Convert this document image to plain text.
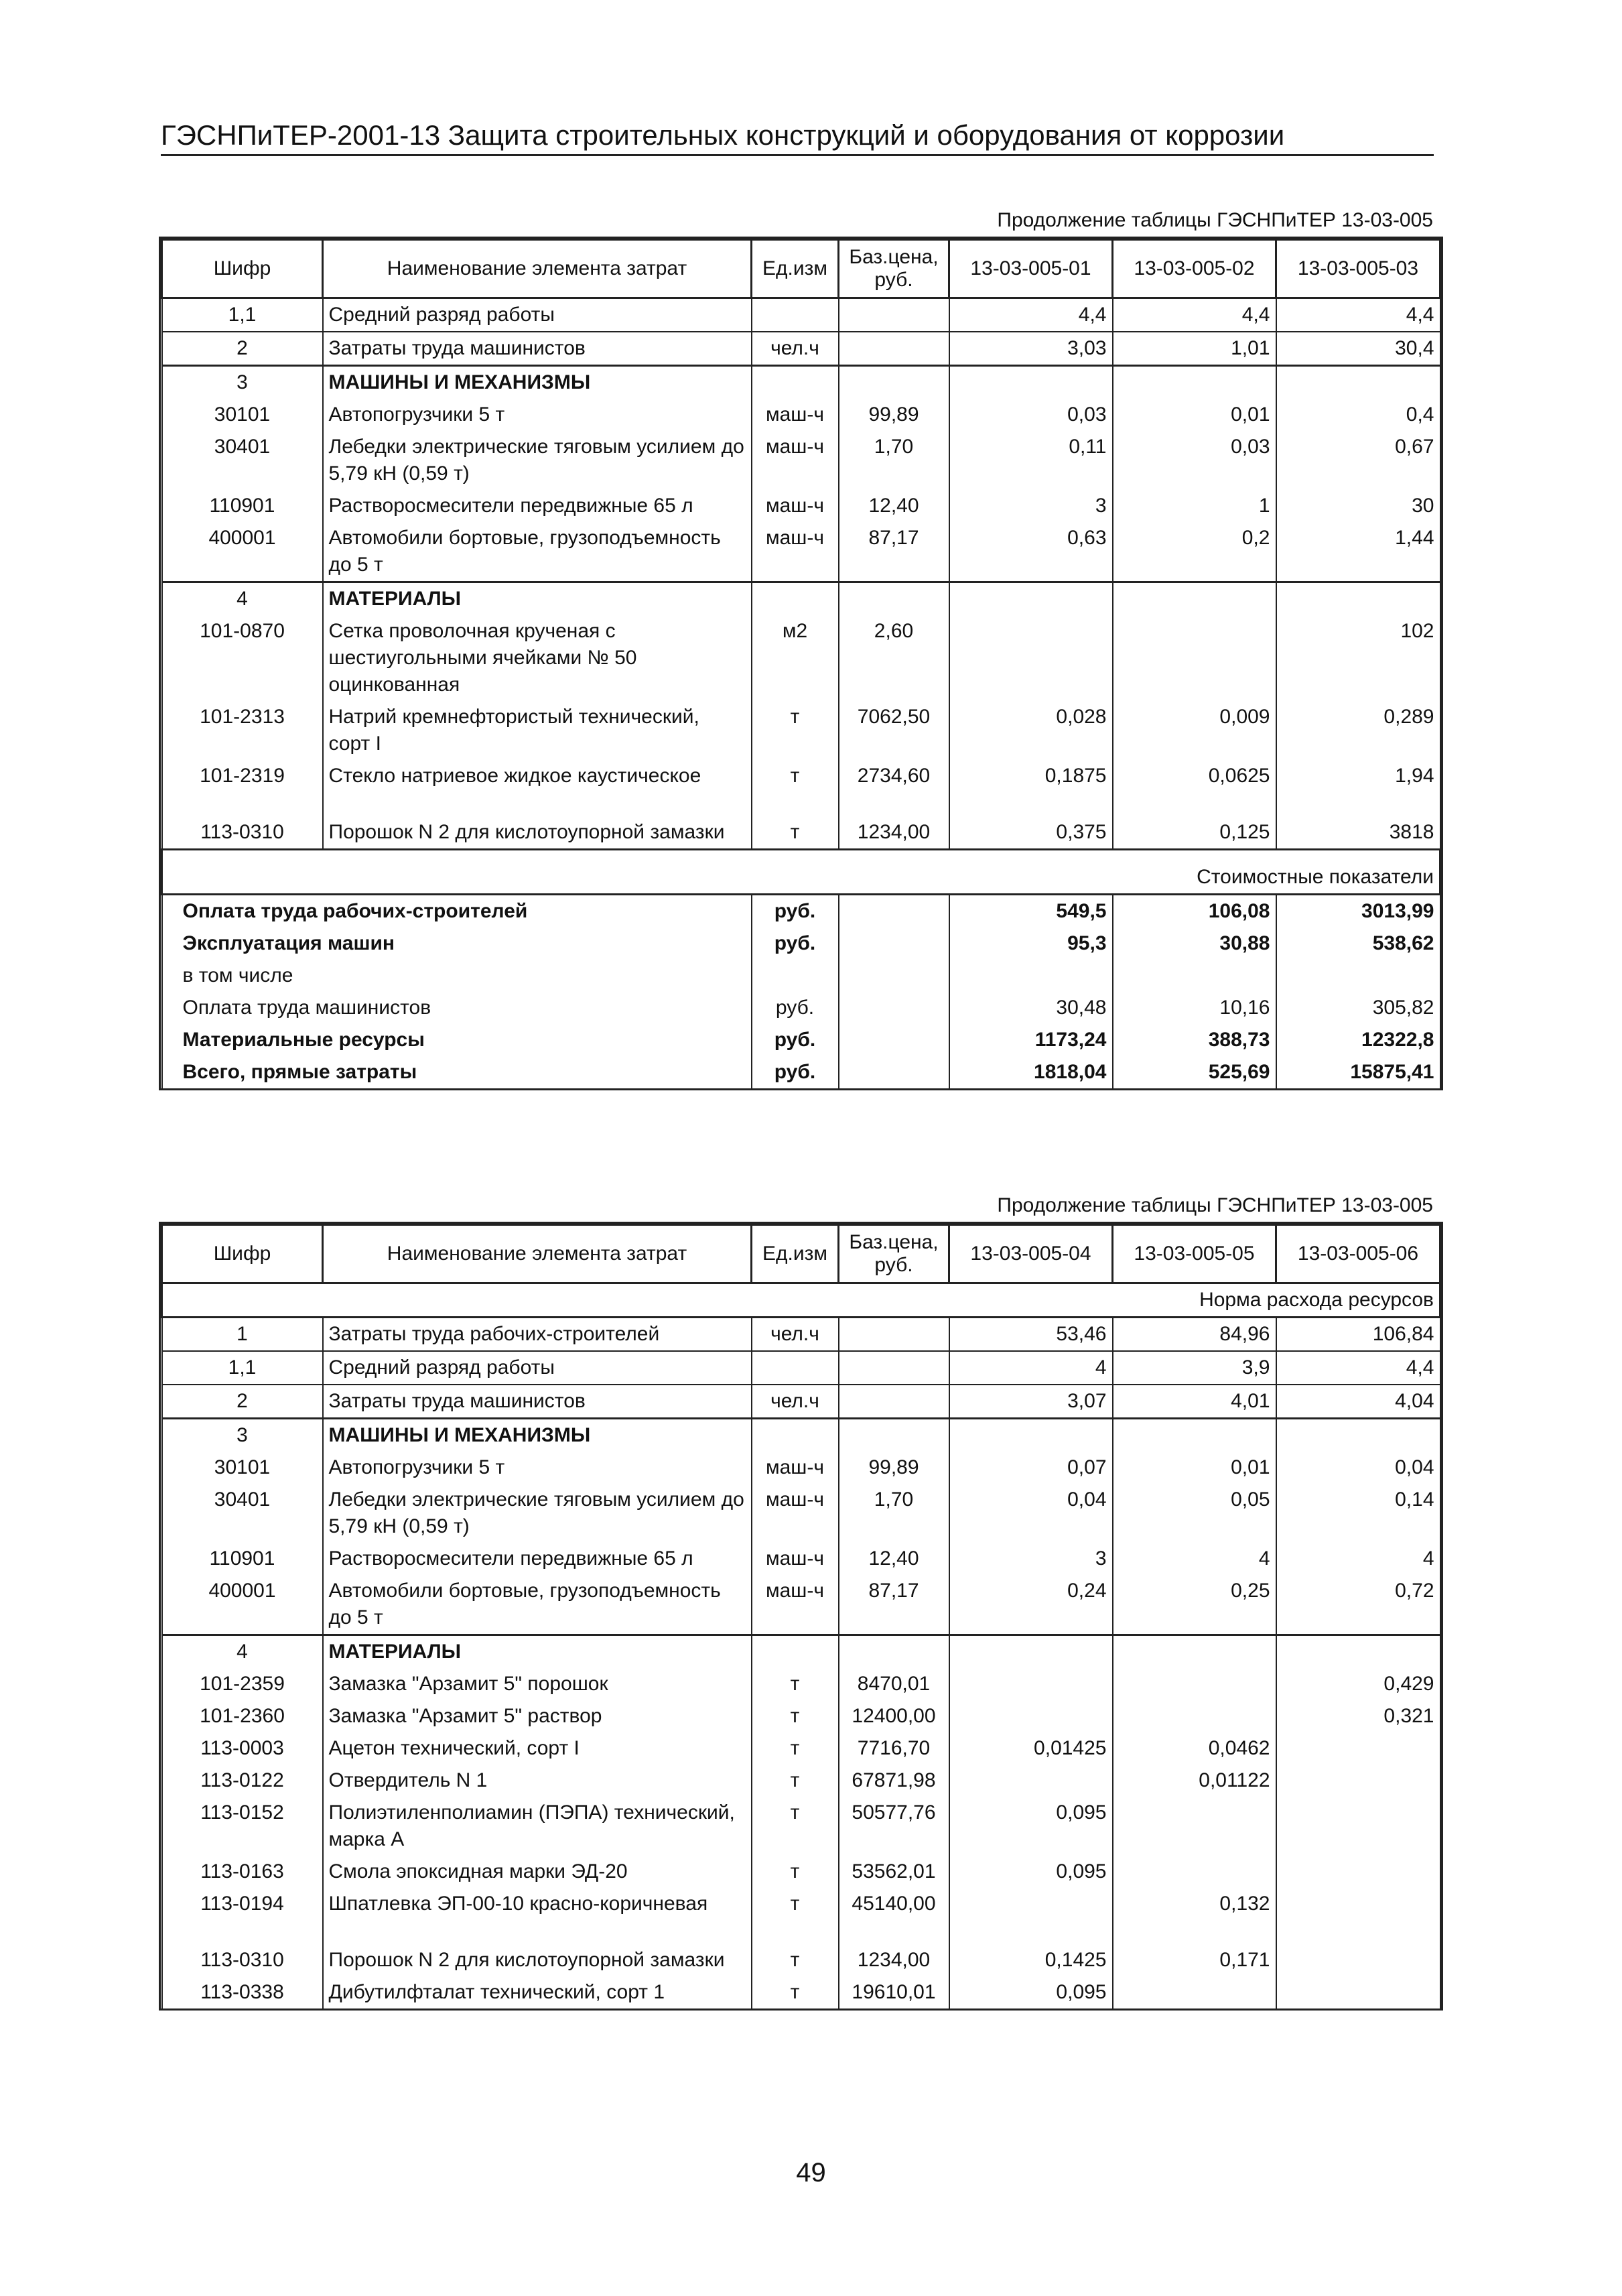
ГЭСНПиТЕР-2001-13 Защита строительных конструкций и оборудования от коррозии
Продолжение таблицы ГЭСНПиТЕР 13-03-005
Шифр	Наименование элемента затрат	Ед.изм	Баз.цена, руб.	13-03-005-01	13-03-005-02	13-03-005-03
1,1	Средний разряд работы			4,4	4,4	4,4
2	Затраты труда машинистов	чел.ч		3,03	1,01	30,4
3	МАШИНЫ И МЕХАНИЗМЫ					
30101	Автопогрузчики 5 т	маш-ч	99,89	0,03	0,01	0,4
30401	Лебедки электрические тяговым усилием до 5,79 кН (0,59 т)	маш-ч	1,70	0,11	0,03	0,67
110901	Растворосмесители передвижные 65 л	маш-ч	12,40	3	1	30
400001	Автомобили бортовые, грузоподъемность до 5 т	маш-ч	87,17	0,63	0,2	1,44
4	МАТЕРИАЛЫ					
101-0870	Сетка проволочная крученая с шестиугольными ячейками № 50 оцинкованная	м2	2,60			102
101-2313	Натрий кремнефтористый технический, сорт I	т	7062,50	0,028	0,009	0,289
101-2319	Стекло натриевое жидкое каустическое	т	2734,60	0,1875	0,0625	1,94
113-0310	Порошок N 2 для кислотоупорной замазки	т	1234,00	0,375	0,125	3818
Стоимостные показатели						
Оплата труда рабочих-строителей		руб.		549,5	106,08	3013,99
Эксплуатация машин		руб.		95,3	30,88	538,62
в том числе						
Оплата труда машинистов		руб.		30,48	10,16	305,82
Материальные ресурсы		руб.		1173,24	388,73	12322,8
Всего, прямые затраты		руб.		1818,04	525,69	15875,41
Продолжение таблицы ГЭСНПиТЕР 13-03-005
Шифр	Наименование элемента затрат	Ед.изм	Баз.цена, руб.	13-03-005-04	13-03-005-05	13-03-005-06
Норма расхода ресурсов						
1	Затраты труда рабочих-строителей	чел.ч		53,46	84,96	106,84
1,1	Средний разряд работы			4	3,9	4,4
2	Затраты труда машинистов	чел.ч		3,07	4,01	4,04
3	МАШИНЫ И МЕХАНИЗМЫ					
30101	Автопогрузчики 5 т	маш-ч	99,89	0,07	0,01	0,04
30401	Лебедки электрические тяговым усилием до 5,79 кН (0,59 т)	маш-ч	1,70	0,04	0,05	0,14
110901	Растворосмесители передвижные 65 л	маш-ч	12,40	3	4	4
400001	Автомобили бортовые, грузоподъемность до 5 т	маш-ч	87,17	0,24	0,25	0,72
4	МАТЕРИАЛЫ					
101-2359	Замазка "Арзамит 5" порошок	т	8470,01			0,429
101-2360	Замазка "Арзамит 5" раствор	т	12400,00			0,321
113-0003	Ацетон технический, сорт I	т	7716,70	0,01425	0,0462	
113-0122	Отвердитель N 1	т	67871,98		0,01122	
113-0152	Полиэтиленполиамин (ПЭПА) технический, марка А	т	50577,76	0,095		
113-0163	Смола эпоксидная марки ЭД-20	т	53562,01	0,095		
113-0194	Шпатлевка ЭП-00-10 красно-коричневая	т	45140,00		0,132	
113-0310	Порошок N 2 для кислотоупорной замазки	т	1234,00	0,1425	0,171	
113-0338	Дибутилфталат технический, сорт 1	т	19610,01	0,095		
49
